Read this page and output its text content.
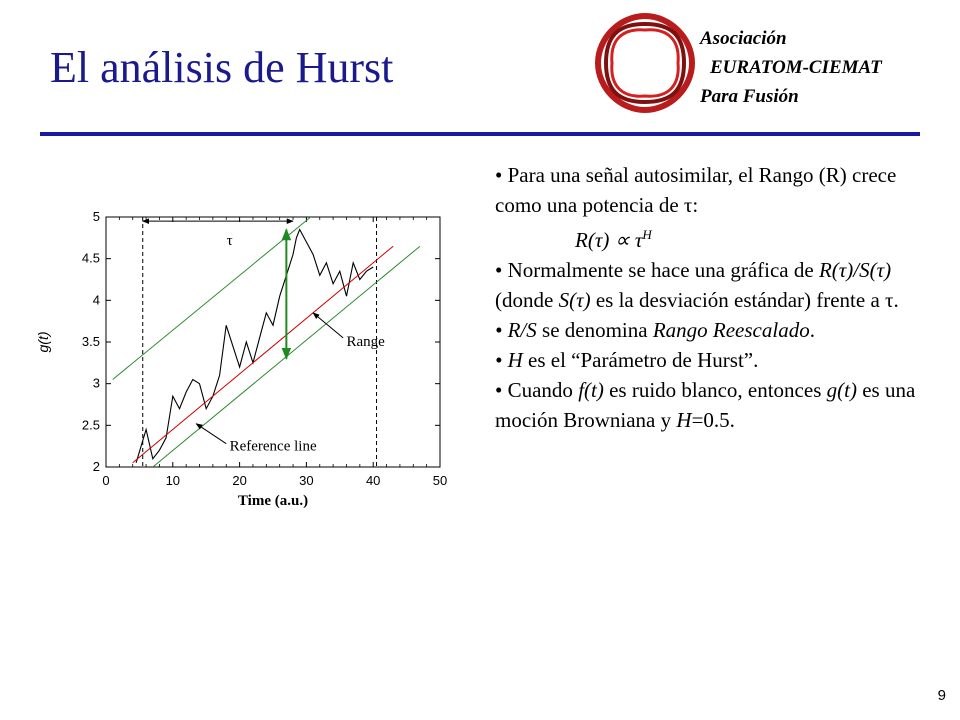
El análisis de Hurst
Asociación
EURATOM-CIEMAT
Para Fusión
0	10	20	30	40	50
2
2.5
3
3.5
4
4.5
5
Time (a.u.)
g(t)
τ
Range
Reference line

• Para una señal autosimilar, el Rango (R) crece como una potencia de τ:

$R(\tau) \propto \tau^H$

• Normalmente se hace una gráfica de R(τ)/S(τ) (donde S(τ) es la desviación estándar) frente a τ.

• R/S se denomina Rango Reescalado.

• H es el “Parámetro de Hurst”.

• Cuando f(t) es ruido blanco, entonces g(t) es una moción Browniana y H=0.5.

9
